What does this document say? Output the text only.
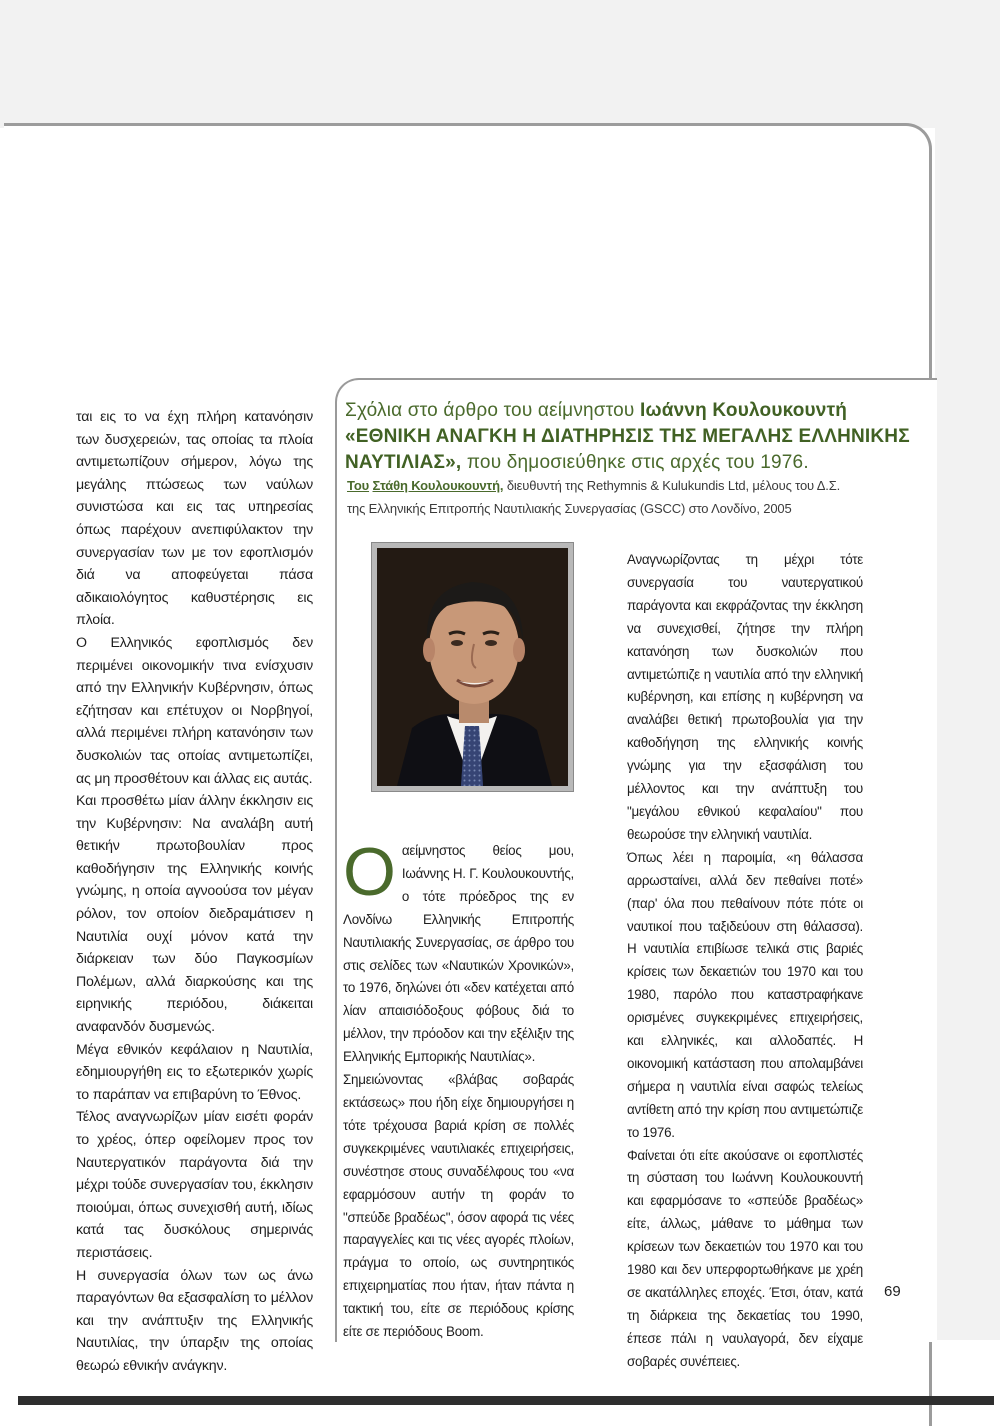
ται εις το να έχη πλήρη κατανόησιν των δυσχερειών, τας οποίας τα πλοία αντιμετωπίζουν σήμερον, λόγω της μεγάλης πτώσεως των ναύλων συνιστώσα και εις τας υπηρεσίας όπως παρέχουν ανεπιφύλακτον την συνεργασίαν των με τον εφοπλισμόν διά να αποφεύγεται πάσα αδικαιολόγητος καθυστέρησις εις πλοία.

Ο Ελληνικός εφοπλισμός δεν περιμένει οικονομικήν τινα ενίσχυσιν από την Ελληνικήν Κυβέρνησιν, όπως εζήτησαν και επέτυχον οι Νορβηγοί, αλλά περιμένει πλήρη κατανόησιν των δυσκολιών τας οποίας αντιμετωπίζει, ας μη προσθέτουν και άλλας εις αυτάς.

Και προσθέτω μίαν άλλην έκκλησιν εις την Κυβέρνησιν: Να αναλάβη αυτή θετικήν πρωτοβουλίαν προς καθοδήγησιν της Ελληνικής κοινής γνώμης, η οποία αγνοούσα τον μέγαν ρόλον, τον οποίον διεδραμάτισεν η Ναυτιλία ουχί μόνον κατά την διάρκειαν των δύο Παγκοσμίων Πολέμων, αλλά διαρκούσης και της ειρηνικής περιόδου, διάκειται αναφανδόν δυσμενώς.

Μέγα εθνικόν κεφάλαιον η Ναυτιλία, εδημιουργήθη εις το εξωτερικόν χωρίς το παράπαν να επιβαρύνη το Έθνος.

Τέλος αναγνωρίζων μίαν εισέτι φοράν το χρέος, όπερ οφείλομεν προς τον Ναυτεργατικόν παράγοντα διά την μέχρι τούδε συνεργασίαν του, έκκλησιν ποιούμαι, όπως συνεχισθή αυτή, ιδίως κατά τας δυσκόλους σημερινάς περιστάσεις.

Η συνεργασία όλων των ως άνω παραγόντων θα εξασφαλίση το μέλλον και την ανάπτυξιν της Ελληνικής Ναυτιλίας, την ύπαρξιν της οποίας θεωρώ εθνικήν ανάγκην.

Σχόλια στο άρθρο του αείμνηστου Ιωάννη Κουλουκουντή
«ΕΘΝΙΚΗ ΑΝΑΓΚΗ Η ΔΙΑΤΗΡΗΣΙΣ ΤΗΣ ΜΕΓΑΛΗΣ ΕΛΛΗΝΙΚΗΣ
ΝΑΥΤΙΛΙΑΣ», που δημοσιεύθηκε στις αρχές του 1976.
Του Στάθη Κουλουκουντή, διευθυντή της Rethymnis & Kulukundis Ltd, μέλους του Δ.Σ.
της Ελληνικής Επιτροπής Ναυτιλιακής Συνεργασίας (GSCC) στο Λονδίνο, 2005
Ο αείμνηστος θείος μου, Ιωάννης Η. Γ. Κουλουκουντής, ο τότε πρόεδρος της εν Λονδίνω Ελληνικής Επιτροπής Ναυτιλιακής Συνεργασίας, σε άρθρο του στις σελίδες των «Ναυτικών Χρονικών», το 1976, δηλώνει ότι «δεν κατέχεται από λίαν απαισιόδοξους φόβους διά το μέλλον, την πρόοδον και την εξέλιξιν της Ελληνικής Εμπορικής Ναυτιλίας».

Σημειώνοντας «βλάβας σοβαράς εκτάσεως» που ήδη είχε δημιουργήσει η τότε τρέχουσα βαριά κρίση σε πολλές συγκεκριμένες ναυτιλιακές επιχειρήσεις, συνέστησε στους συναδέλφους του «να εφαρμόσουν αυτήν τη φοράν το "σπεύδε βραδέως", όσον αφορά τις νέες παραγγελίες και τις νέες αγορές πλοίων, πράγμα το οποίο, ως συντηρητικός επιχειρηματίας που ήταν, ήταν πάντα η τακτική του, είτε σε περιόδους κρίσης είτε σε περιόδους Boom.

Αναγνωρίζοντας τη μέχρι τότε συνεργασία του ναυτεργατικού παράγοντα και εκφράζοντας την έκκληση να συνεχισθεί, ζήτησε την πλήρη κατανόηση των δυσκολιών που αντιμετώπιζε η ναυτιλία από την ελληνική κυβέρνηση, και επίσης η κυβέρνηση να αναλάβει θετική πρωτοβουλία για την καθοδήγηση της ελληνικής κοινής γνώμης για την εξασφάλιση του μέλλοντος και την ανάπτυξη του "μεγάλου εθνικού κεφαλαίου" που θεωρούσε την ελληνική ναυτιλία.

Όπως λέει η παροιμία, «η θάλασσα αρρωσταίνει, αλλά δεν πεθαίνει ποτέ» (παρ' όλα που πεθαίνουν πότε πότε οι ναυτικοί που ταξιδεύουν στη θάλασσα). Η ναυτιλία επιβίωσε τελικά στις βαριές κρίσεις των δεκαετιών του 1970 και του 1980, παρόλο που καταστραφήκανε ορισμένες συγκεκριμένες επιχειρήσεις, και ελληνικές, και αλλοδαπές. Η οικονομική κατάσταση που απολαμβάνει σήμερα η ναυτιλία είναι σαφώς τελείως αντίθετη από την κρίση που αντιμετώπιζε το 1976.

Φαίνεται ότι είτε ακούσανε οι εφοπλιστές τη σύσταση του Ιωάννη Κουλουκουντή και εφαρμόσανε το «σπεύδε βραδέως» είτε, άλλως, μάθανε το μάθημα των κρίσεων των δεκαετιών του 1970 και του 1980 και δεν υπερφορτωθήκανε με χρέη σε ακατάλληλες εποχές. Έτσι, όταν, κατά τη διάρκεια της δεκαετίας του 1990, έπεσε πάλι η ναυλαγορά, δεν είχαμε σοβαρές συνέπειες.

69
